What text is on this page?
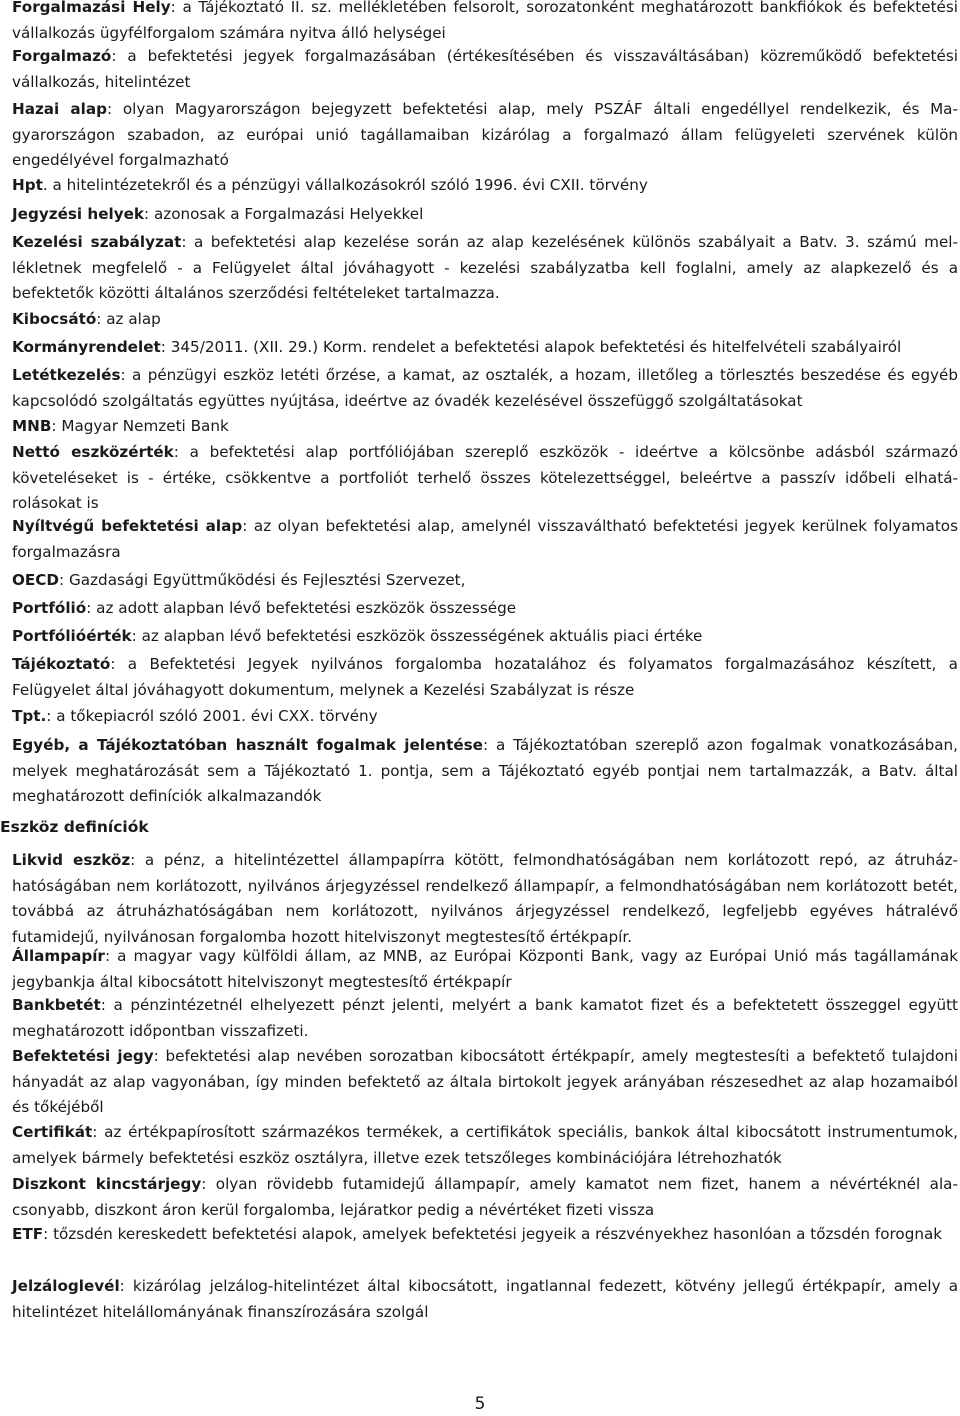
Forgalmazási Hely: a Tájékoztató II. sz. mellékletében felsorolt, sorozatonként meghatározott bankfiókok és befektetési vállalkozás ügyfélforgalom számára nyitva álló helységei
Forgalmazó: a befektetési jegyek forgalmazásában (értékesítésében és visszaváltásában) közreműködő befektetési vállalkozás, hitelintézet
Hazai alap: olyan Magyarországon bejegyzett befektetési alap, mely PSZÁF általi engedéllyel rendelkezik, és Magyarországon szabadon, az európai unió tagállamaiban kizárólag a forgalmazó állam felügyeleti szervének külön engedélyével forgalmazható
Hpt. a hitelintézetekről és a pénzügyi vállalkozásokról szóló 1996. évi CXII. törvény
Jegyzési helyek: azonosak a Forgalmazási Helyekkel
Kezelési szabályzat: a befektetési alap kezelése során az alap kezelésének különös szabályait a Batv. 3. számú mellékletnek megfelelő - a Felügyelet által jóváhagyott - kezelési szabályzatba kell foglalni, amely az alapkezelő és a befektetők közötti általános szerződési feltételeket tartalmazza.
Kibocsátó: az alap
Kormányrendelet: 345/2011. (XII. 29.) Korm. rendelet a befektetési alapok befektetési és hitelfelvételi szabályairól
Letétkezelés: a pénzügyi eszköz letéti őrzése, a kamat, az osztalék, a hozam, illetőleg a törlesztés beszedése és egyéb kapcsolódó szolgáltatás együttes nyújtása, ideértve az óvadék kezelésével összefüggő szolgáltatásokat
MNB: Magyar Nemzeti Bank
Nettó eszközérték: a befektetési alap portfóliójában szereplő eszközök - ideértve a kölcsönbe adásból származó követeléseket is - értéke, csökkentve a portfoliót terhelő összes kötelezettséggel, beleértve a passzív időbeli elhatárolásokat is
Nyíltvégű befektetési alap: az olyan befektetési alap, amelynél visszaváltható befektetési jegyek kerülnek folyamatos forgalmazásra
OECD: Gazdasági Együttműködési és Fejlesztési Szervezet,
Portfólió: az adott alapban lévő befektetési eszközök összessége
Portfólióérték: az alapban lévő befektetési eszközök összességének aktuális piaci értéke
Tájékoztató: a Befektetési Jegyek nyilvános forgalomba hozatalához és folyamatos forgalmazásához készített, a Felügyelet által jóváhagyott dokumentum, melynek a Kezelési Szabályzat is része
Tpt.: a tőkepiacról szóló 2001. évi CXX. törvény
Egyéb, a Tájékoztatóban használt fogalmak jelentése: a Tájékoztatóban szereplő azon fogalmak vonatkozásában, melyek meghatározását sem a Tájékoztató 1. pontja, sem a Tájékoztató egyéb pontjai nem tartalmazzák, a Batv. által meghatározott definíciók alkalmazandók
Eszköz definíciók
Likvid eszköz: a pénz, a hitelintézettel állampapírra kötött, felmondhatóságában nem korlátozott repó, az átruházhatóságában nem korlátozott, nyilvános árjegyzéssel rendelkező állampapír, a felmondhatóságában nem korlátozott betét, továbbá az átruházhatóságában nem korlátozott, nyilvános árjegyzéssel rendelkező, legfeljebb egyéves hátralévő futamidejű, nyilvánosan forgalomba hozott hitelviszonyt megtestesítő értékpapír.
Állampapír: a magyar vagy külföldi állam, az MNB, az Európai Központi Bank, vagy az Európai Unió más tagállamának jegybankja által kibocsátott hitelviszonyt megtestesítő értékpapír
Bankbetét: a pénzintézetnél elhelyezett pénzt jelenti, melyért a bank kamatot fizet és a befektetett összeggel együtt meghatározott időpontban visszafizeti.
Befektetési jegy: befektetési alap nevében sorozatban kibocsátott értékpapír, amely megtestesíti a befektető tulajdoni hányadát az alap vagyonában, így minden befektető az általa birtokolt jegyek arányában részesedhet az alap hozamaiból és tőkéjéből
Certifikát: az értékpapírosított származékos termékek, a certifikátok speciális, bankok által kibocsátott instrumentumok, amelyek bármely befektetési eszköz osztályra, illetve ezek tetszőleges kombinációjára létrehozhatók
Diszkont kincstárjegy: olyan rövidebb futamidejű állampapír, amely kamatot nem fizet, hanem a névértéknél alacsonyabb, diszkont áron kerül forgalomba, lejáratkor pedig a névértéket fizeti vissza
ETF: tőzsdén kereskedett befektetési alapok, amelyek befektetési jegyeik a részvényekhez hasonlóan a tőzsdén forognak
Jelzáloglevél: kizárólag jelzálog-hitelintézet által kibocsátott, ingatlannal fedezett, kötvény jellegű értékpapír, amely a hitelintézet hitelállományának finanszírozására szolgál
5
